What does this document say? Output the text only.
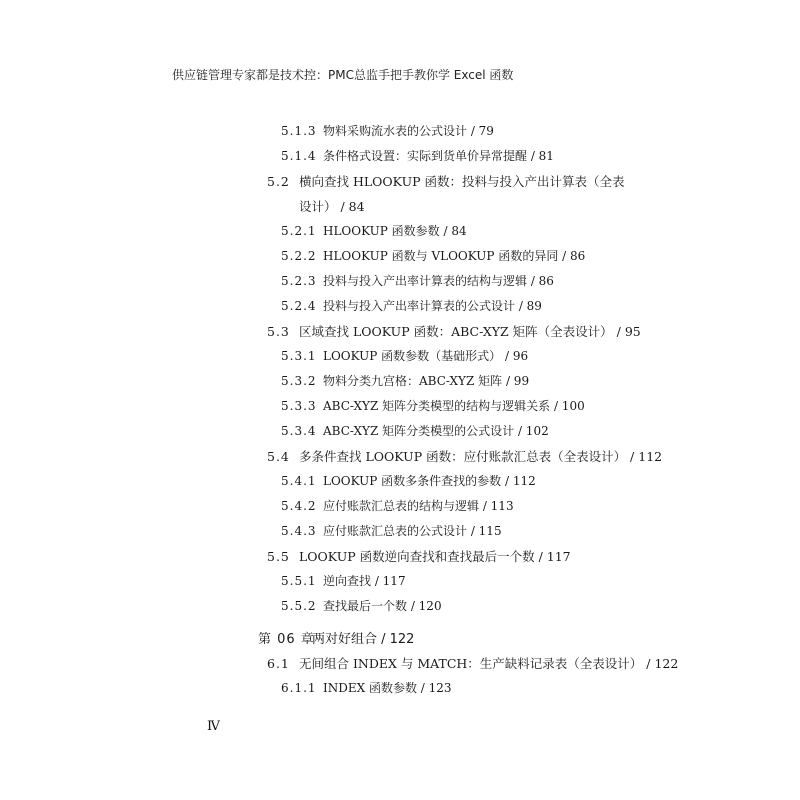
供应链管理专家都是技术控：PMC总监手把手教你学 Excel 函数
5.1.3 物料采购流水表的公式设计 / 79
5.1.4 条件格式设置：实际到货单价异常提醒 / 81
5.2 横向查找 HLOOKUP 函数：投料与投入产出计算表（全表
设计） / 84
5.2.1 HLOOKUP 函数参数 / 84
5.2.2 HLOOKUP 函数与 VLOOKUP 函数的异同 / 86
5.2.3 投料与投入产出率计算表的结构与逻辑 / 86
5.2.4 投料与投入产出率计算表的公式设计 / 89
5.3 区域查找 LOOKUP 函数：ABC-XYZ 矩阵（全表设计） / 95
5.3.1 LOOKUP 函数参数（基础形式） / 96
5.3.2 物料分类九宫格：ABC-XYZ 矩阵 / 99
5.3.3 ABC-XYZ 矩阵分类模型的结构与逻辑关系 / 100
5.3.4 ABC-XYZ 矩阵分类模型的公式设计 / 102
5.4 多条件查找 LOOKUP 函数：应付账款汇总表（全表设计） / 112
5.4.1 LOOKUP 函数多条件查找的参数 / 112
5.4.2 应付账款汇总表的结构与逻辑 / 113
5.4.3 应付账款汇总表的公式设计 / 115
5.5 LOOKUP 函数逆向查找和查找最后一个数 / 117
5.5.1 逆向查找 / 117
5.5.2 查找最后一个数 / 120
第 06 章两对好组合 / 122
6.1 无间组合 INDEX 与 MATCH：生产缺料记录表（全表设计） / 122
6.1.1 INDEX 函数参数 / 123
Ⅳ
